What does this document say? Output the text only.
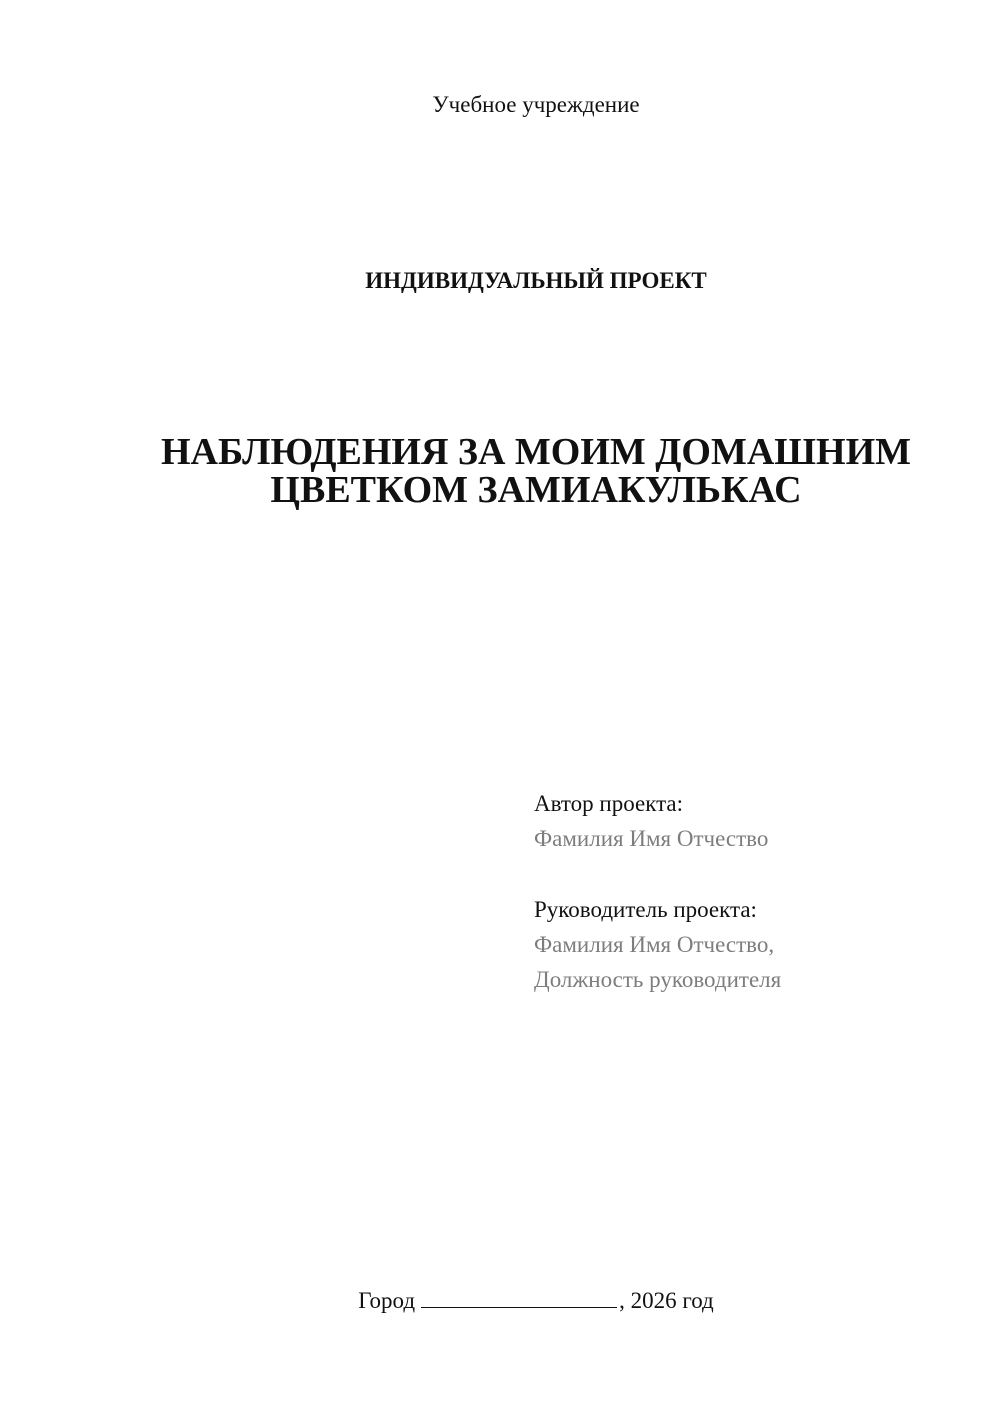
Учебное учреждение
ИНДИВИДУАЛЬНЫЙ ПРОЕКТ
НАБЛЮДЕНИЯ ЗА МОИМ ДОМАШНИМ
ЦВЕТКОМ ЗАМИАКУЛЬКАС
Автор проекта:
Фамилия Имя Отчество
Руководитель проекта:
Фамилия Имя Отчество,
Должность руководителя
Город	, 2026 год
